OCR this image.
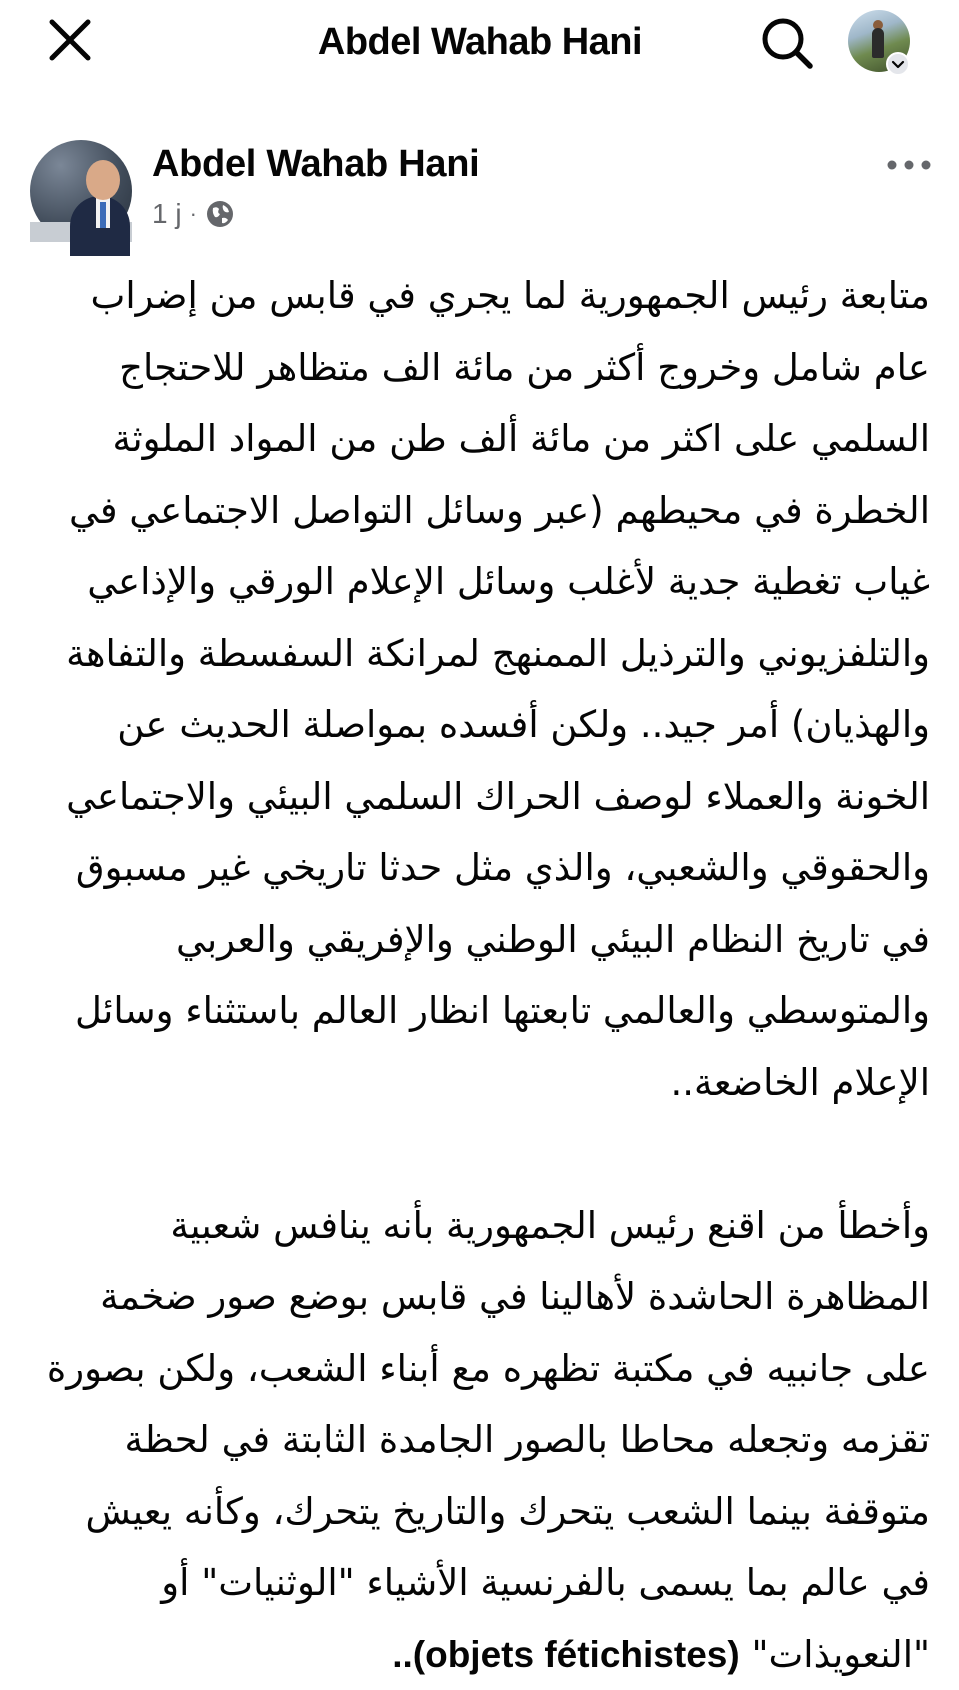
Abdel Wahab Hani
Abdel Wahab Hani
1 j ·

متابعة رئيس الجمهورية لما يجري في قابس من إضراب عام شامل وخروج أكثر من مائة الف متظاهر للاحتجاج السلمي على اكثر من مائة ألف طن من المواد الملوثة الخطرة في محيطهم (عبر وسائل التواصل الاجتماعي في غياب تغطية جدية لأغلب وسائل الإعلام الورقي والإذاعي والتلفزيوني والترذيل الممنهج لمرانكة السفسطة والتفاهة والهذيان) أمر جيد.. ولكن أفسده بمواصلة الحديث عن الخونة والعملاء لوصف الحراك السلمي البيئي والاجتماعي والحقوقي والشعبي، والذي مثل حدثا تاريخي غير مسبوق في تاريخ النظام البيئي الوطني والإفريقي والعربي والمتوسطي والعالمي تابعتها انظار العالم باستثناء وسائل الإعلام الخاضعة..

وأخطأ من اقنع رئيس الجمهورية بأنه ينافس شعبية المظاهرة الحاشدة لأهالينا في قابس بوضع صور ضخمة على جانبيه في مكتبة تظهره مع أبناء الشعب، ولكن بصورة تقزمه وتجعله محاطا بالصور الجامدة الثابتة في لحظة متوقفة بينما الشعب يتحرك والتاريخ يتحرك، وكأنه يعيش في عالم بما يسمى بالفرنسية الأشياء "الوثنيات" أو "النعويذات" (objets fétichistes)..
